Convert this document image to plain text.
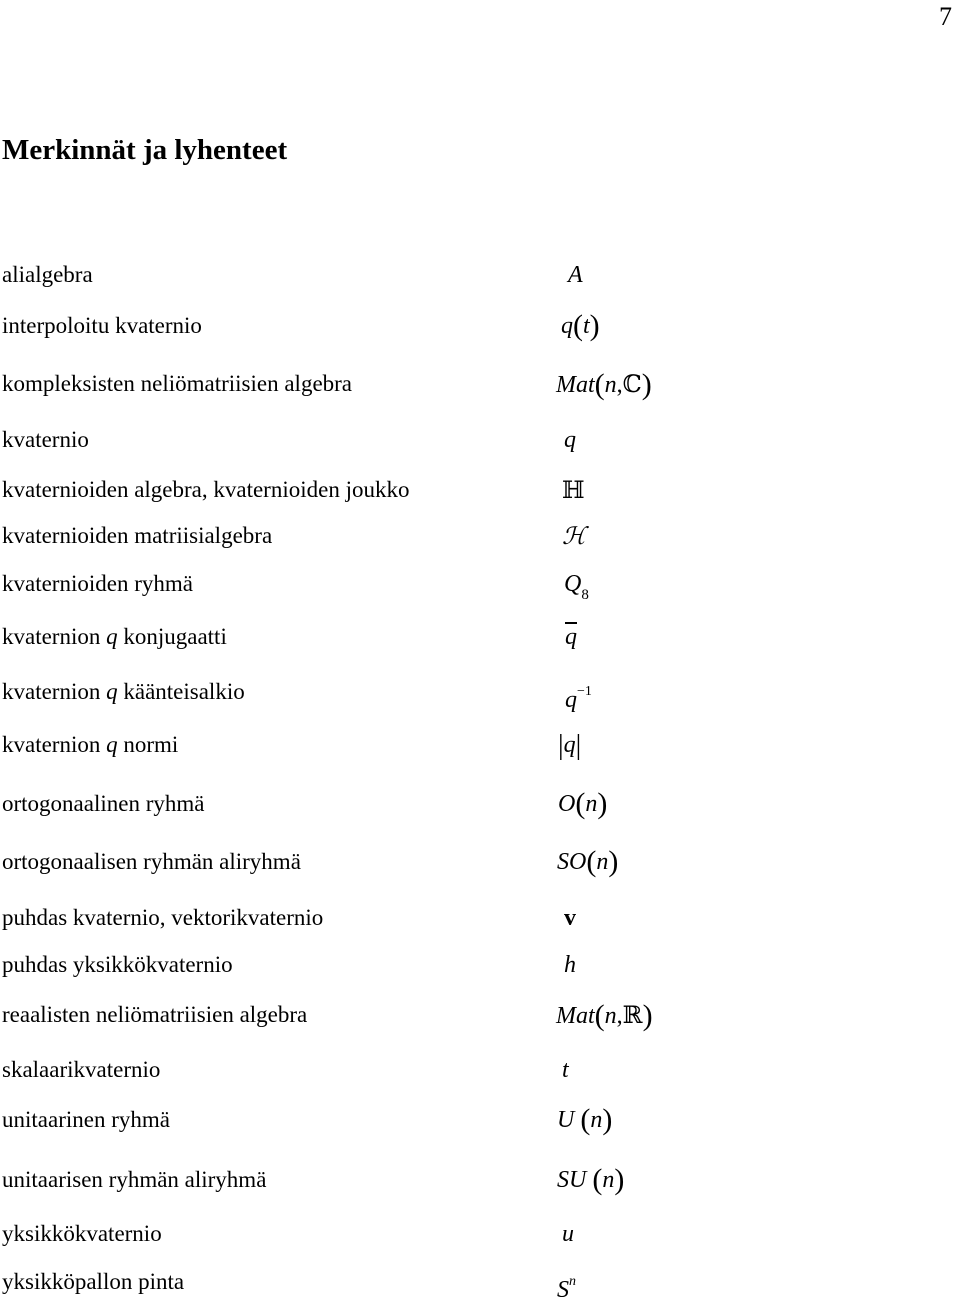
7
Merkinnät ja lyhenteet
alialgebra	A
interpoloitu kvaternio	q(t)
kompleksisten neliömatriisien algebra	Mat(n,ℂ)
kvaternio	q
kvaternioiden algebra, kvaternioiden joukko	ℍ
kvaternioiden matriisialgebra	ℋ
kvaternioiden ryhmä	$Q_8$
kvaternion q konjugaatti	$\overline{q}$
kvaternion q käänteisalkio	$q^{-1}$
kvaternion q normi	|q|
ortogonaalinen ryhmä	O(n)
ortogonaalisen ryhmän aliryhmä	SO(n)
puhdas kvaternio, vektorikvaternio	v
puhdas yksikkökvaternio	h
reaalisten neliömatriisien algebra	Mat(n,ℝ)
skalaarikvaternio	t
unitaarinen ryhmä	U (n)
unitaarisen ryhmän aliryhmä	SU (n)
yksikkökvaternio	u
yksikköpallon pinta	$S^n$
